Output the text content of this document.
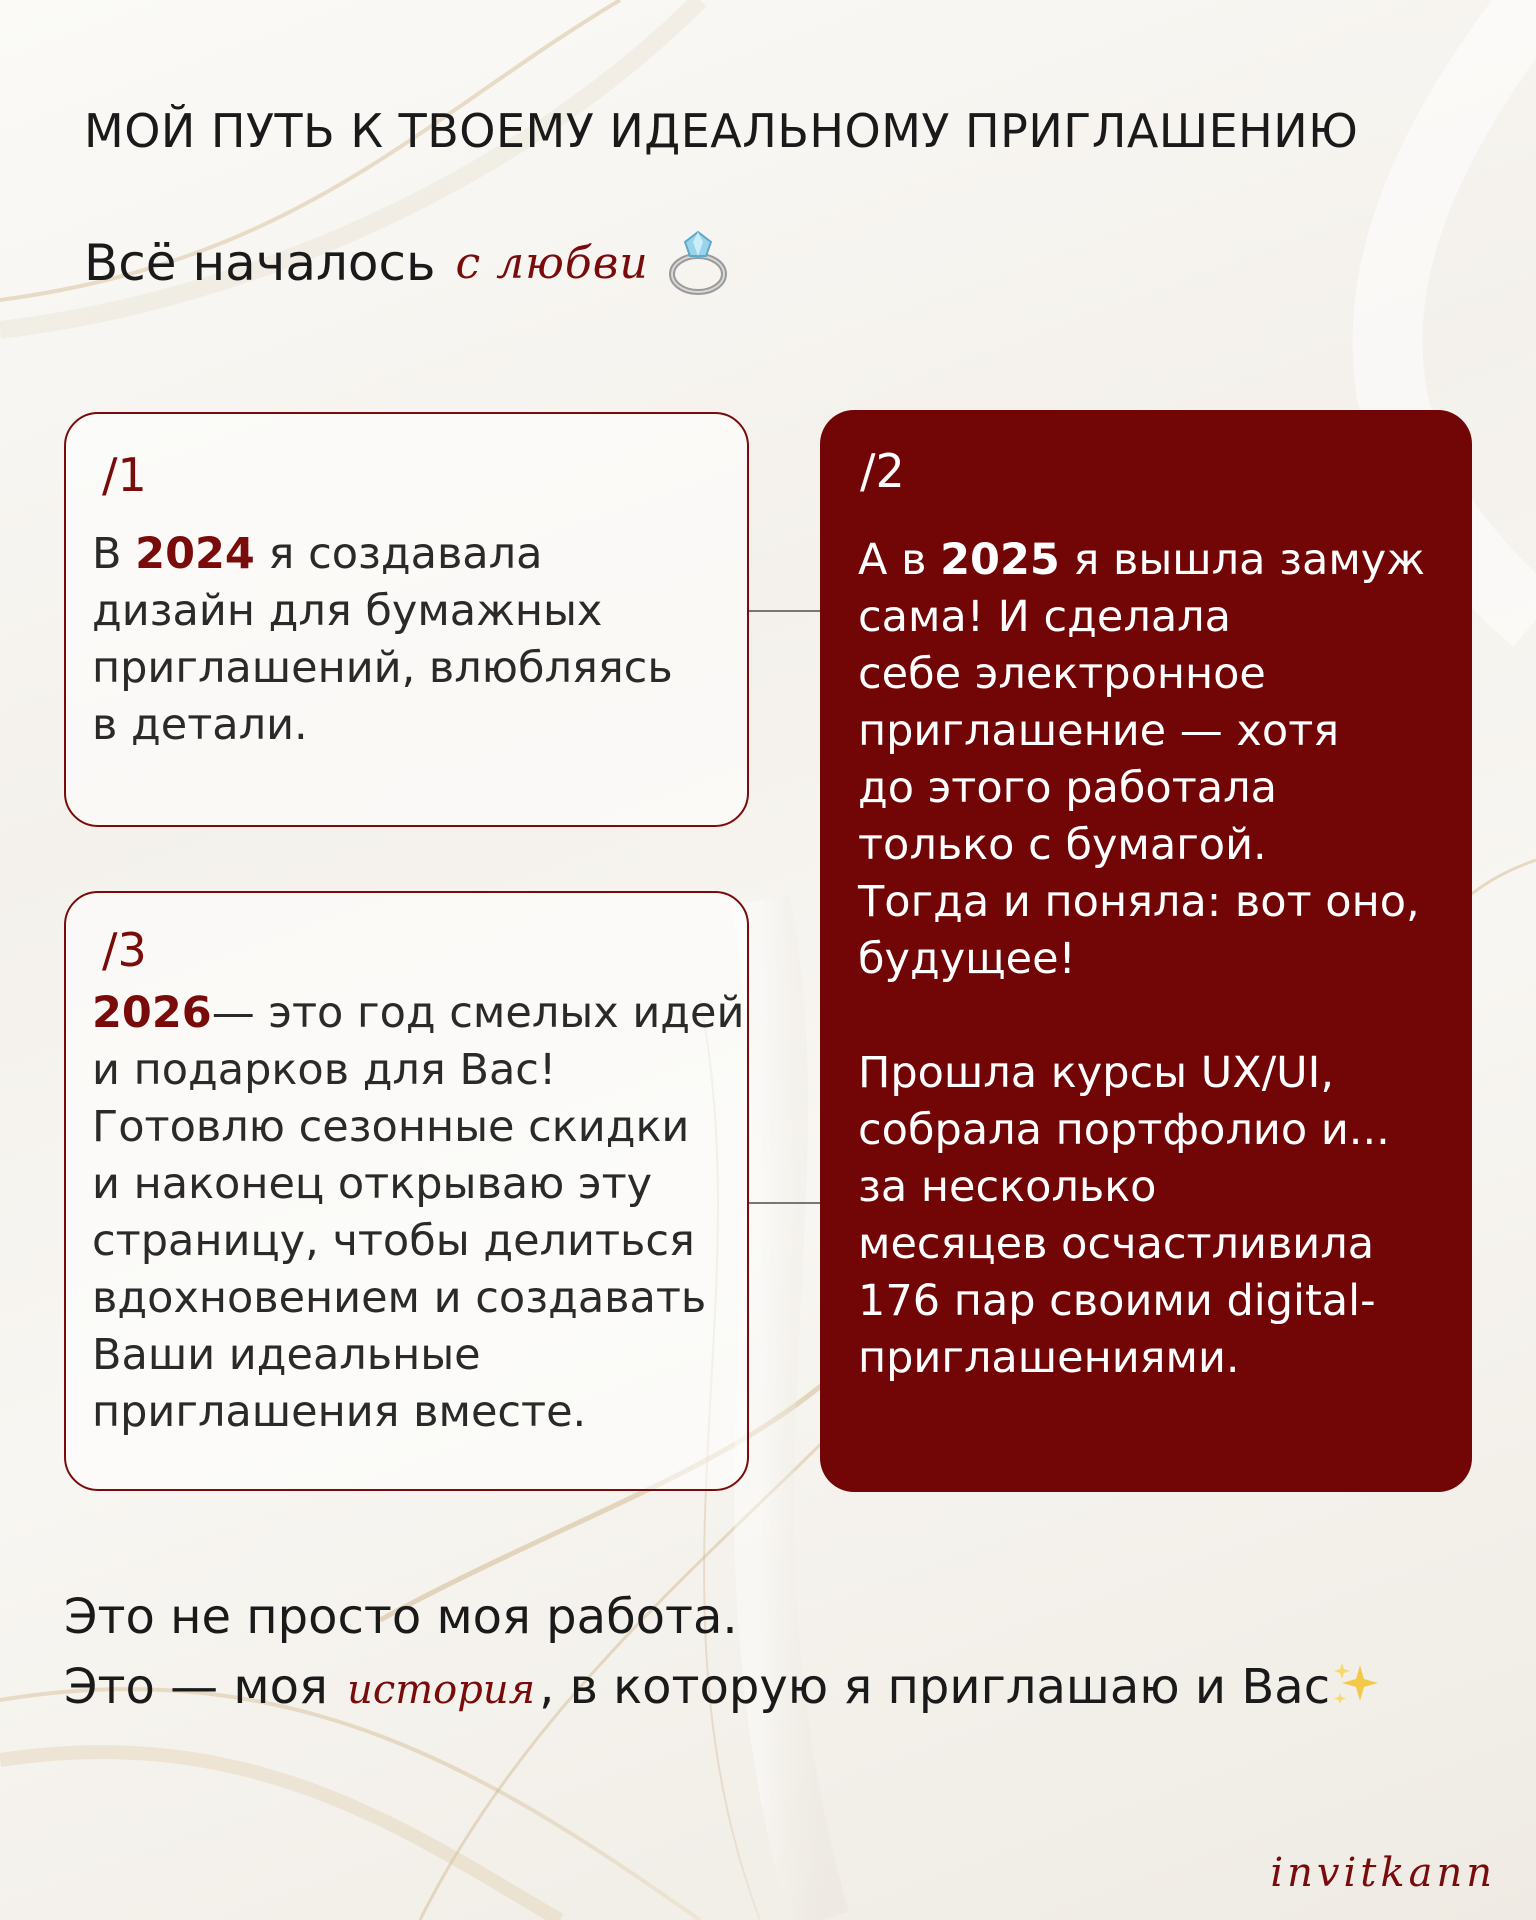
МОЙ ПУТЬ К ТВОЕМУ ИДЕАЛЬНОМУ ПРИГЛАШЕНИЮ
Всё началось с любви
/1
В 2024 я создавала
дизайн для бумажных
приглашений, влюбляясь
в детали.
/3
2026— это год смелых идей
и подарков для Вас!
Готовлю сезонные скидки
и наконец открываю эту
страницу, чтобы делиться
вдохновением и создавать
Ваши идеальные
приглашения вместе.
/2
А в 2025 я вышла замуж
сама! И сделала
себе электронное
приглашение — хотя
до этого работала
только с бумагой.
Тогда и поняла: вот оно,
будущее!
Прошла курсы UX/UI,
собрала портфолио и...
за несколько
месяцев осчастливила
176 пар своими digital-
приглашениями.
Это не просто моя работа.
Это — моя история, в которую я приглашаю и Вас
invitkann
